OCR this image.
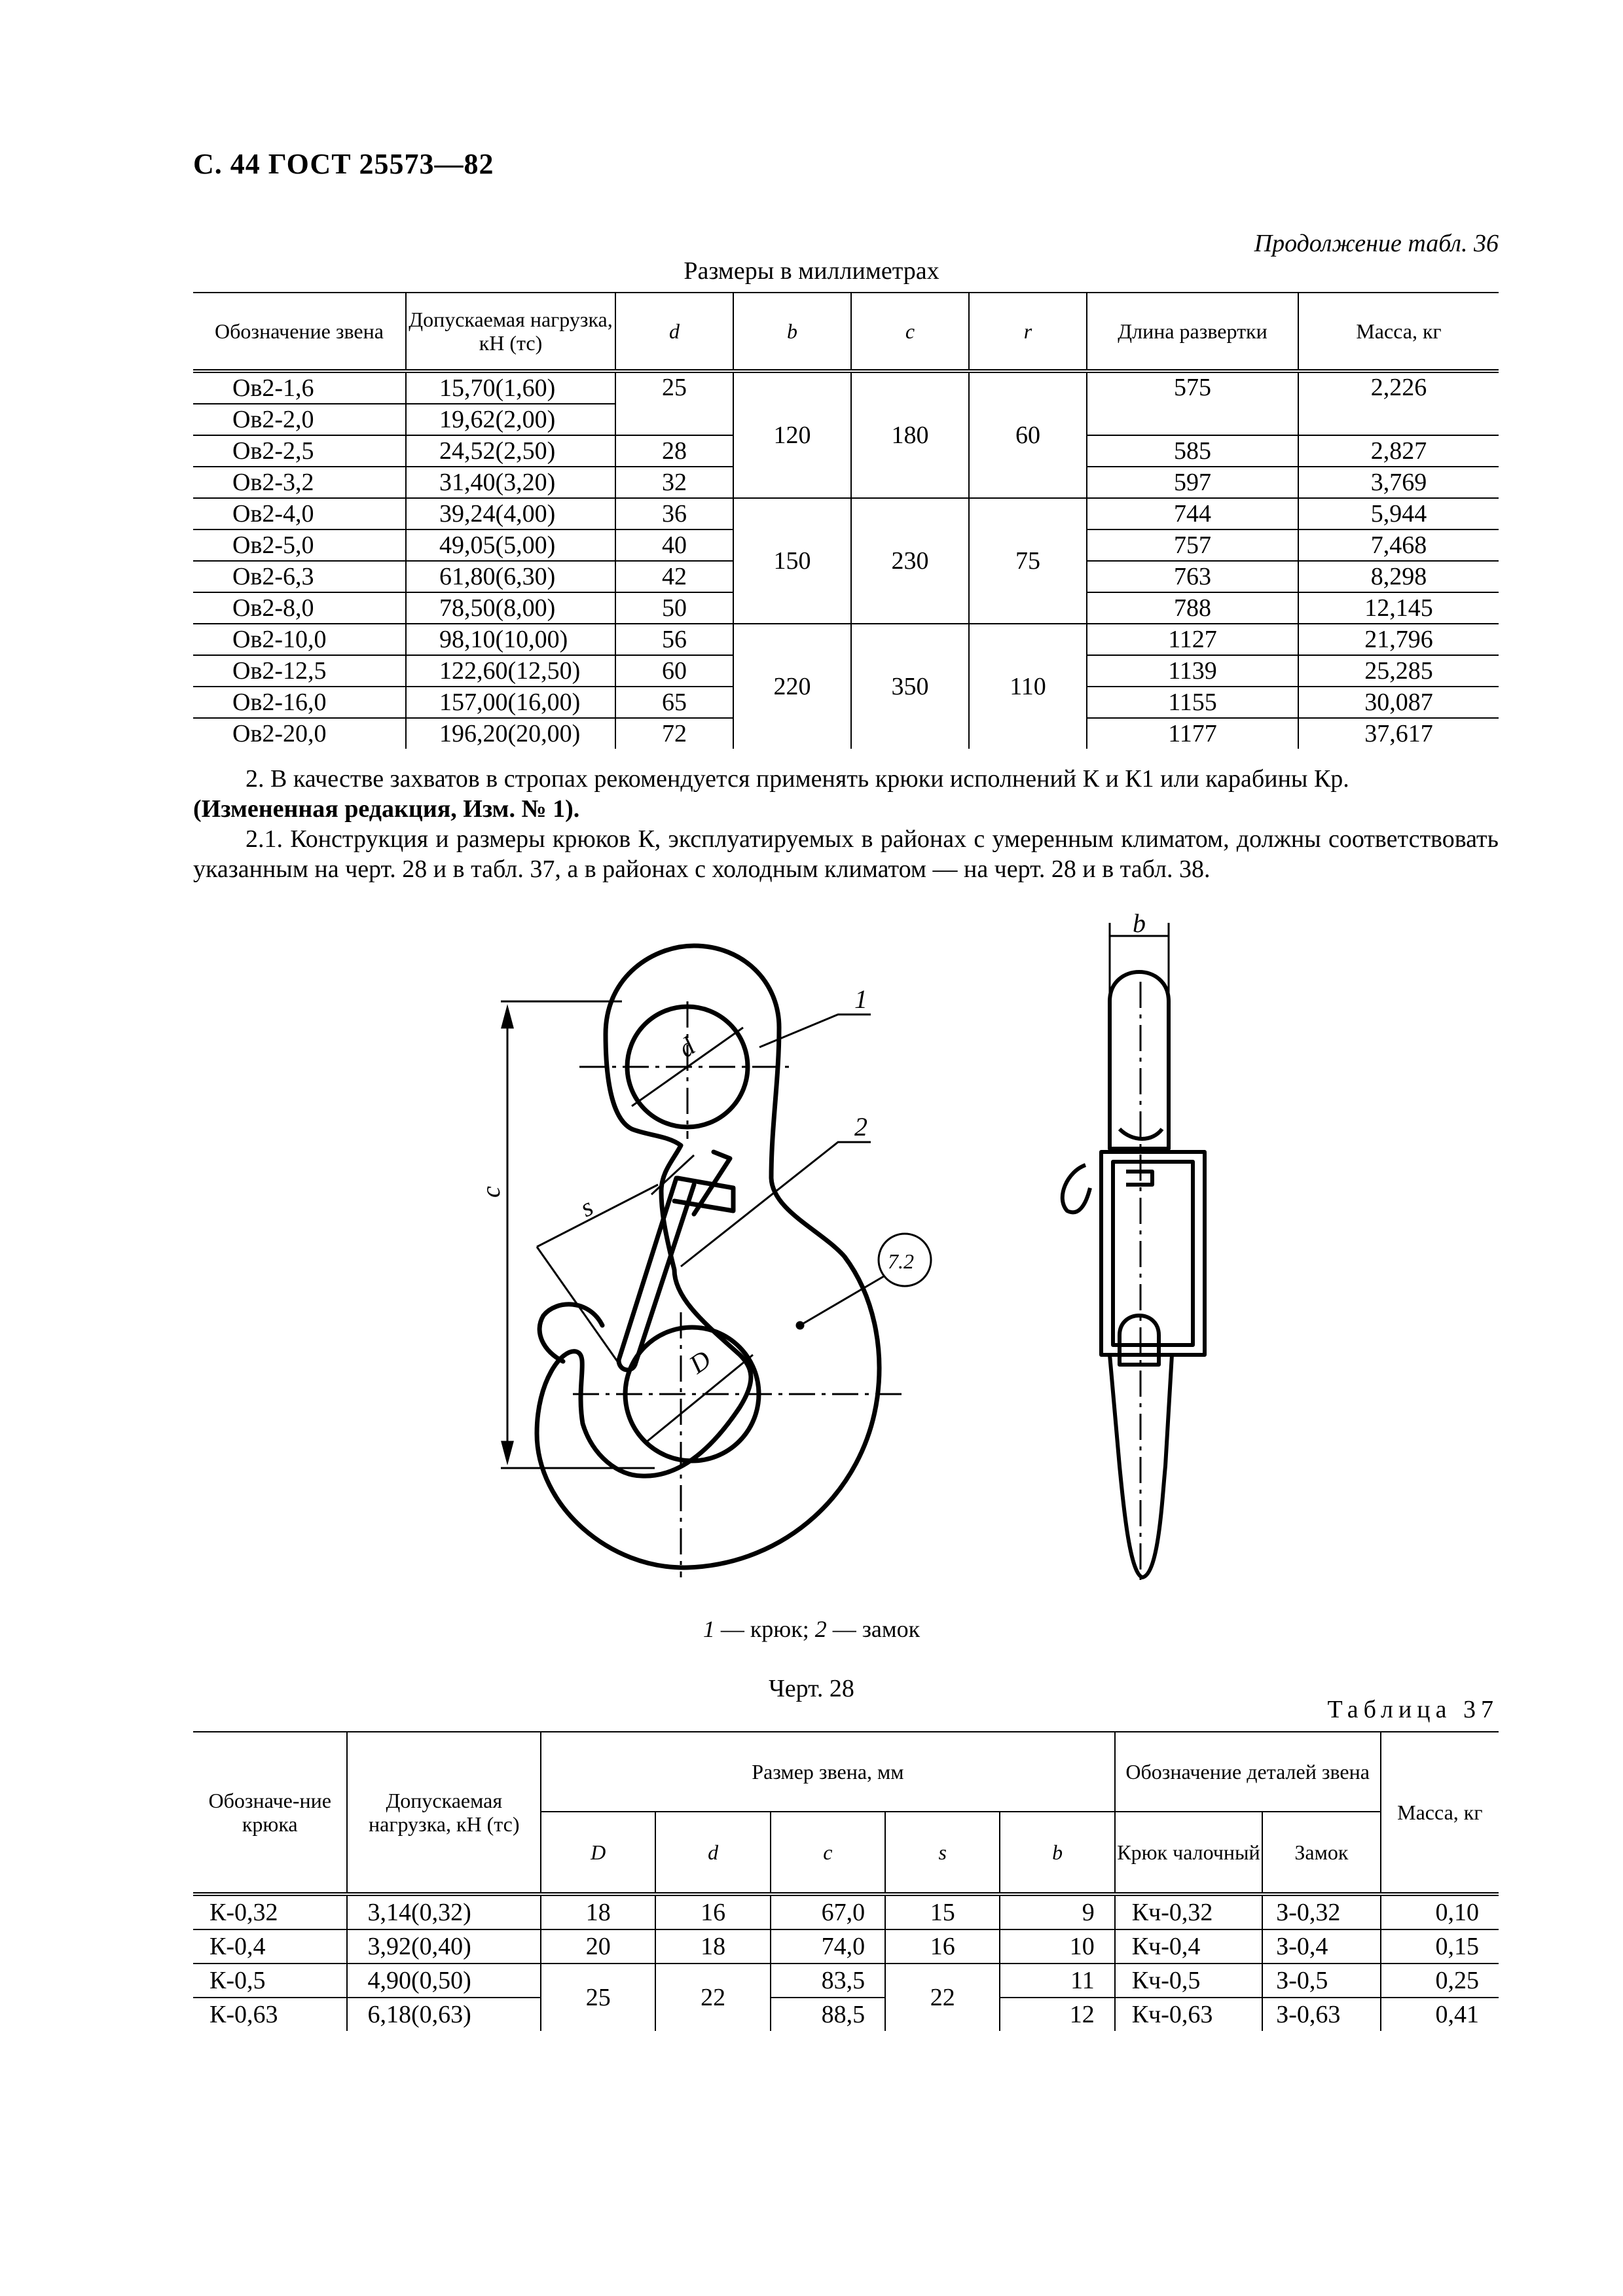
С. 44 ГОСТ 25573—82
Продолжение табл. 36
Размеры в миллиметрах
Обозначение звена	Допускаемая нагрузка, кН (тс)	d	b	c	r	Длина развертки	Масса, кг
Ов2-1,6	15,70(1,60)	25	120	180	60	575	2,226
Ов2-2,0	19,62(2,00)						
Ов2-2,5	24,52(2,50)	28				585	2,827
Ов2-3,2	31,40(3,20)	32				597	3,769
Ов2-4,0	39,24(4,00)	36	150	230	75	744	5,944
Ов2-5,0	49,05(5,00)	40				757	7,468
Ов2-6,3	61,80(6,30)	42				763	8,298
Ов2-8,0	78,50(8,00)	50				788	12,145
Ов2-10,0	98,10(10,00)	56	220	350	110	1127	21,796
Ов2-12,5	122,60(12,50)	60				1139	25,285
Ов2-16,0	157,00(16,00)	65				1155	30,087
Ов2-20,0	196,20(20,00)	72				1177	37,617
2. В качестве захватов в стропах рекомендуется применять крюки исполнений К и К1 или карабины Кр.
(Измененная редакция, Изм. № 1).
2.1. Конструкция и размеры крюков К, эксплуатируемых в районах с умеренным климатом, должны соответствовать указанным на черт. 28 и в табл. 37, а в районах с холодным климатом — на черт. 28 и в табл. 38.
d
D
c	s
b
1
2
7.2
1 — крюк; 2 — замок
Черт. 28
Таблица 37
Обозначе-ние крюка	Допускаемая нагрузка, кН (тс)	Размер звена, мм					Обозначение деталей звена		Масса, кг
		D	d	c	s	b	Крюк чалочный	Замок	
К-0,32	3,14(0,32)	18	16	67,0	15	9	Кч-0,32	З-0,32	0,10
К-0,4	3,92(0,40)	20	18	74,0	16	10	Кч-0,4	З-0,4	0,15
К-0,5	4,90(0,50)	25	22	83,5	22	11	Кч-0,5	З-0,5	0,25
К-0,63	6,18(0,63)			88,5		12	Кч-0,63	З-0,63	0,41
